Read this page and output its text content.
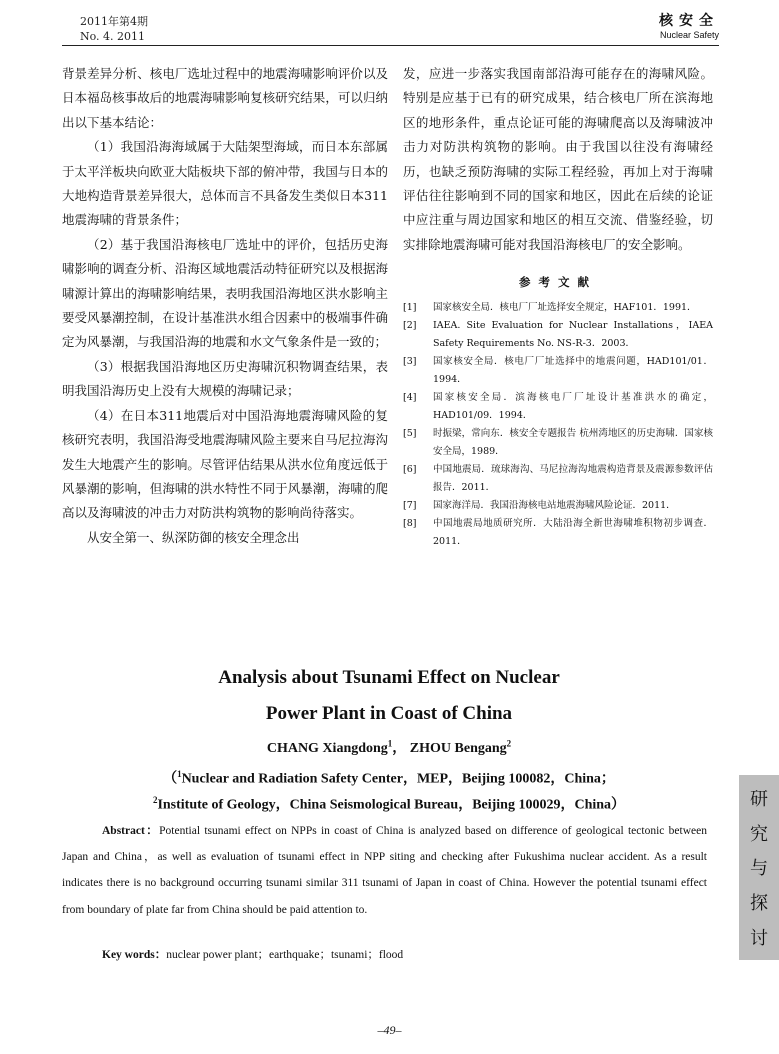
2011年第4期
No. 4. 2011
核安全
Nuclear Safety

背景差异分析、核电厂选址过程中的地震海啸影响评价以及日本福岛核事故后的地震海啸影响复核研究结果，可以归纳出以下基本结论：

（1）我国沿海海域属于大陆架型海域，而日本东部属于太平洋板块向欧亚大陆板块下部的俯冲带，我国与日本的大地构造背景差异很大，总体而言不具备发生类似日本311地震海啸的背景条件；

（2）基于我国沿海核电厂选址中的评价，包括历史海啸影响的调查分析、沿海区域地震活动特征研究以及根据海啸源计算出的海啸影响结果，表明我国沿海地区洪水影响主要受风暴潮控制，在设计基准洪水组合因素中的极端事件确定为风暴潮，与我国沿海的地震和水文气象条件是一致的；

（3）根据我国沿海地区历史海啸沉积物调查结果，表明我国沿海历史上没有大规模的海啸记录；

（4）在日本311地震后对中国沿海地震海啸风险的复核研究表明，我国沿海受地震海啸风险主要来自马尼拉海沟发生大地震产生的影响。尽管评估结果从洪水位角度远低于风暴潮的影响，但海啸的洪水特性不同于风暴潮，海啸的爬高以及海啸波的冲击力对防洪构筑物的影响尚待落实。

从安全第一、纵深防御的核安全理念出

发，应进一步落实我国南部沿海可能存在的海啸风险。特别是应基于已有的研究成果，结合核电厂所在滨海地区的地形条件，重点论证可能的海啸爬高以及海啸波冲击力对防洪构筑物的影响。由于我国以往没有海啸经历，也缺乏预防海啸的实际工程经验，再加上对于海啸评估往往影响到不同的国家和地区，因此在后续的论证中应注重与周边国家和地区的相互交流、借鉴经验，切实排除地震海啸可能对我国沿海核电厂的安全影响。

参考文献
[1] 国家核安全局．核电厂厂址选择安全规定，HAF101．1991．
[2] IAEA. Site Evaluation for Nuclear Installations，IAEA Safety Requirements No. NS-R-3．2003．
[3] 国家核安全局．核电厂厂址选择中的地震问题，HAD101/01．1994．
[4] 国家核安全局．滨海核电厂厂址设计基准洪水的确定，HAD101/09．1994．
[5] 时振梁，常向东．核安全专题报告 杭州湾地区的历史海啸．国家核安全局，1989．
[6] 中国地震局．琉球海沟、马尼拉海沟地震构造背景及震源参数评估报告．2011．
[7] 国家海洋局．我国沿海核电站地震海啸风险论证．2011．
[8] 中国地震局地质研究所．大陆沿海全新世海啸堆积物初步调查．2011．
Analysis about Tsunami Effect on Nuclear
Power Plant in Coast of China
CHANG Xiangdong$^1$， ZHOU Bengang$^2$
（$^1$Nuclear and Radiation Safety Center，MEP，Beijing 100082，China；
$^2$Institute of Geology，China Seismological Bureau，Beijing 100029，China）
Abstract：Potential tsunami effect on NPPs in coast of China is analyzed based on difference of geological tectonic between Japan and China，as well as evaluation of tsunami effect in NPP siting and checking after Fukushima nuclear accident. As a result indicates there is no background occurring tsunami similar 311 tsunami of Japan in coast of China. However the potential tsunami effect from boundary of plate far from China should be paid attention to.
Key words：nuclear power plant；earthquake；tsunami；flood
研
究
与
探
讨
–49–
